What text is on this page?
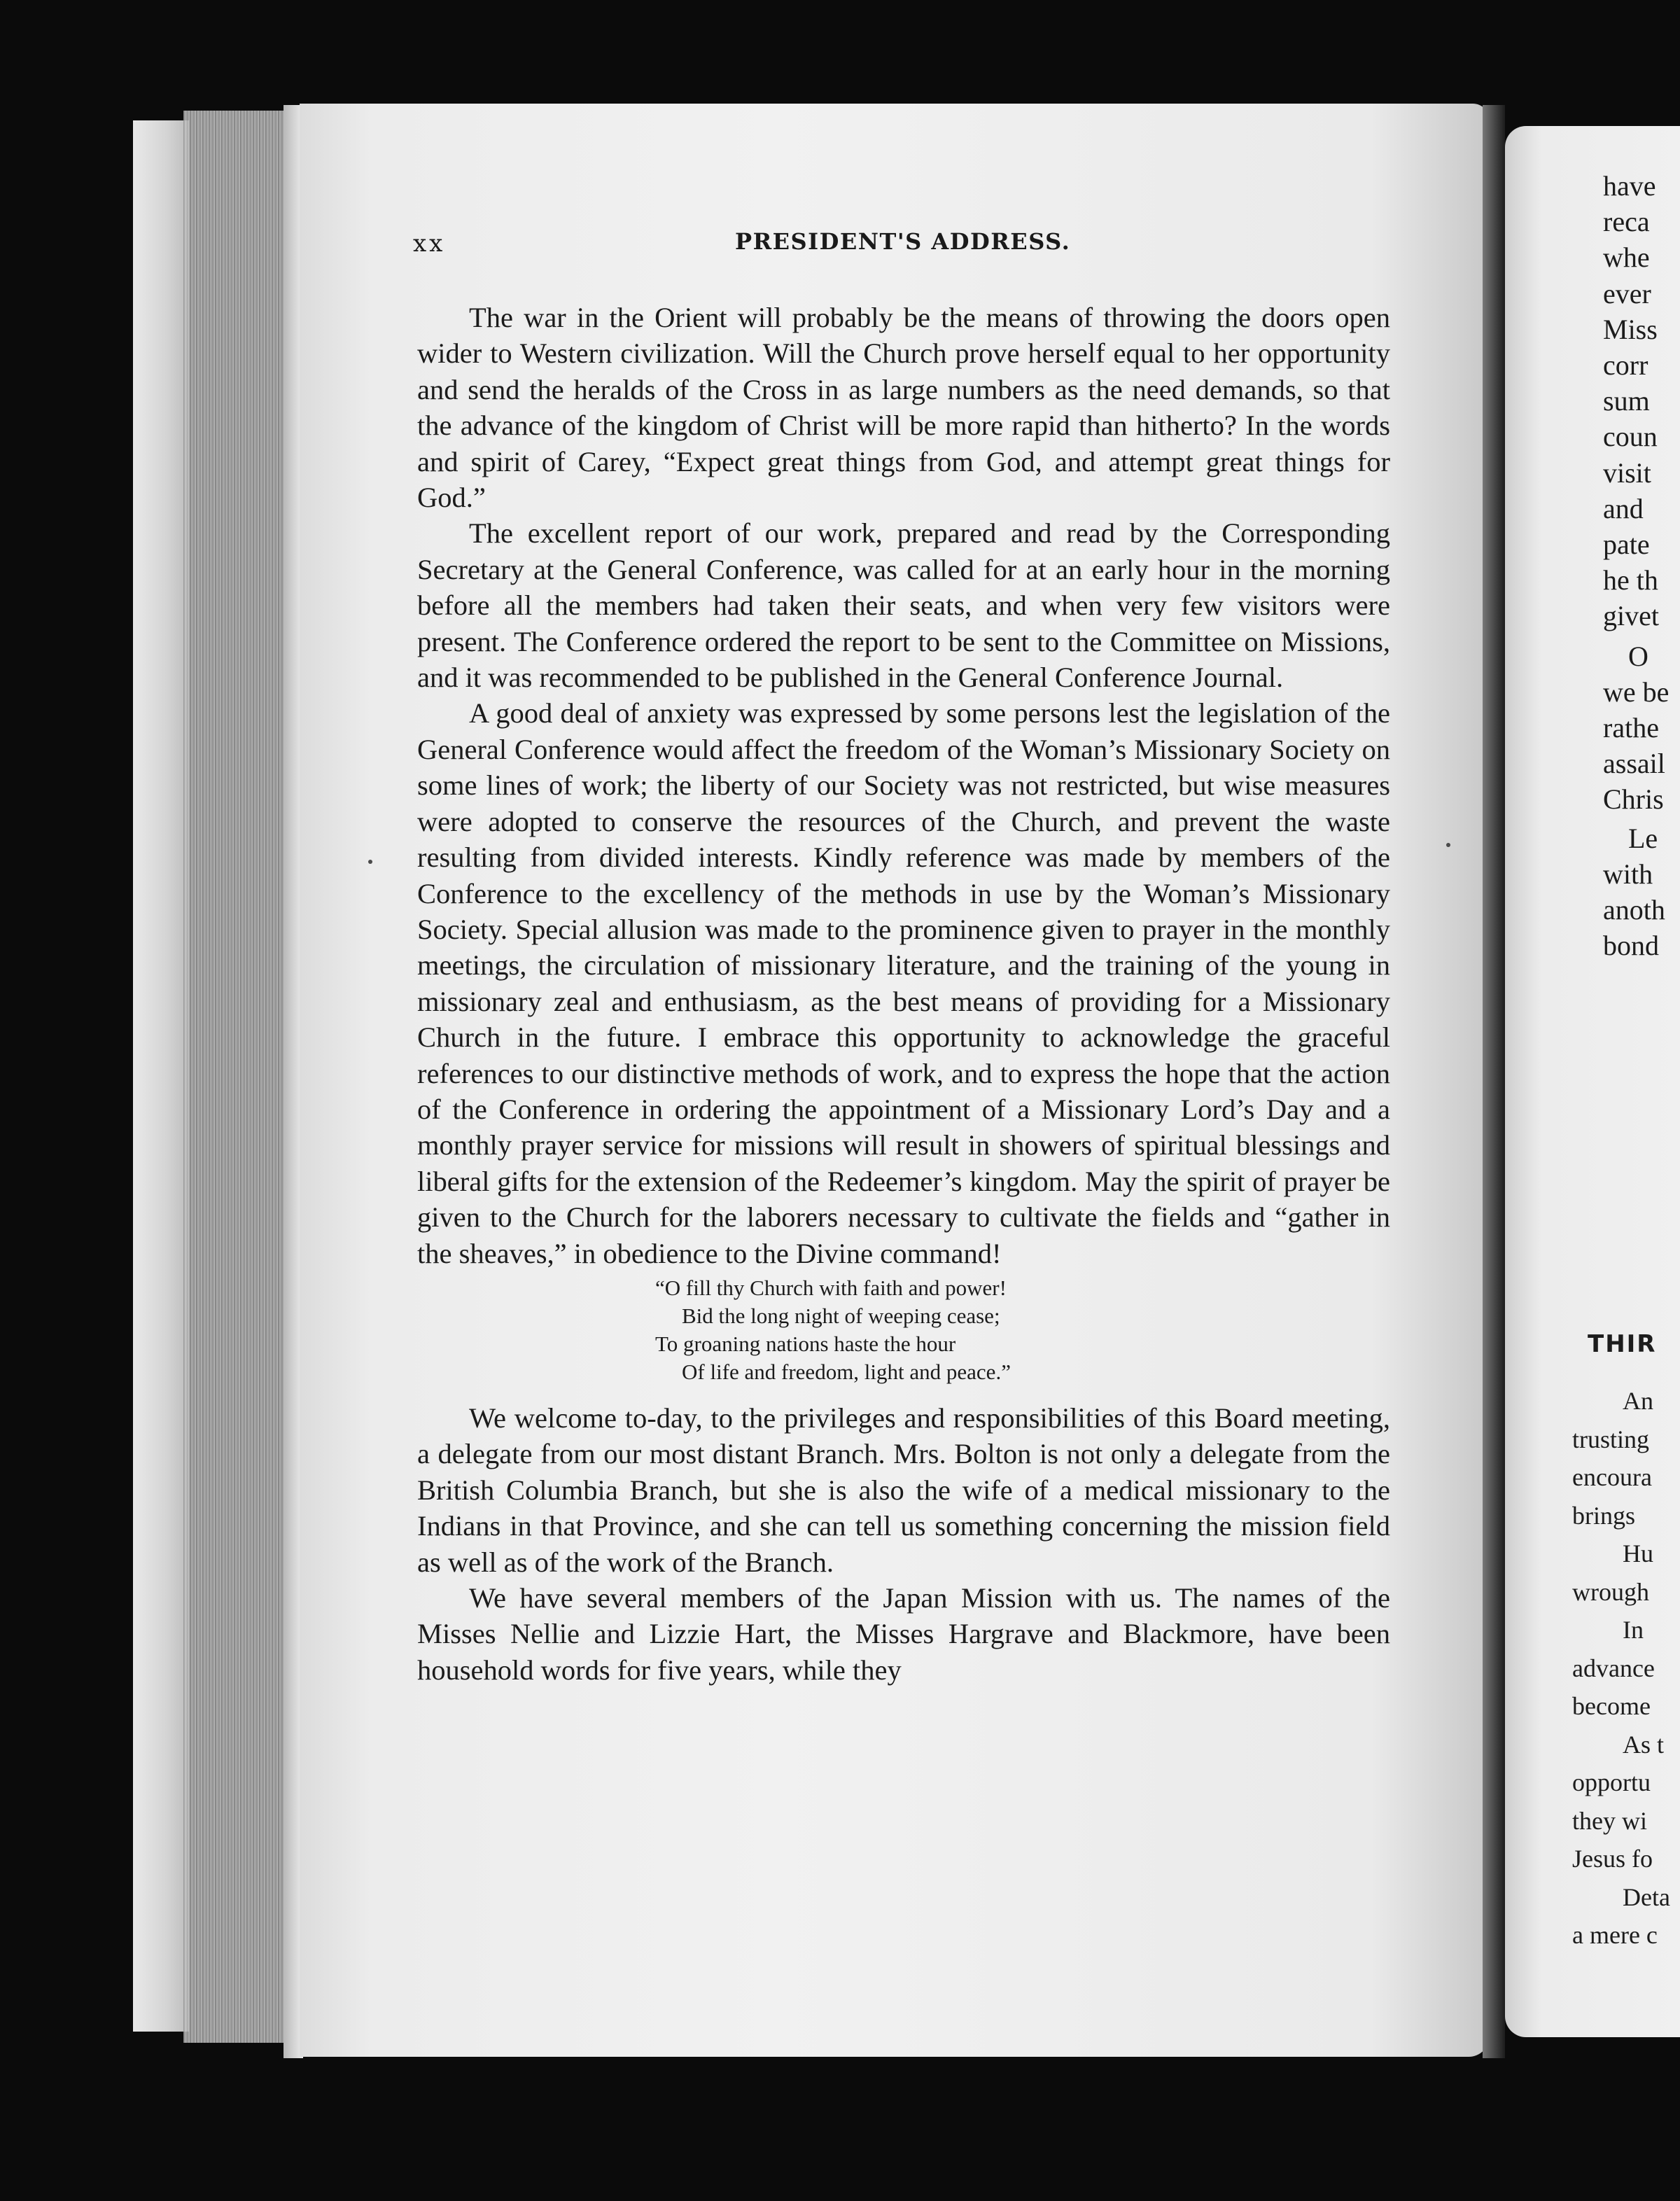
xx	PRESIDENT'S ADDRESS.

The war in the Orient will probably be the means of throwing the doors open wider to Western civilization. Will the Church prove herself equal to her opportunity and send the heralds of the Cross in as large numbers as the need demands, so that the advance of the kingdom of Christ will be more rapid than hitherto? In the words and spirit of Carey, “Expect great things from God, and attempt great things for God.”

The excellent report of our work, prepared and read by the Corresponding Secretary at the General Conference, was called for at an early hour in the morning before all the members had taken their seats, and when very few visitors were present. The Conference ordered the report to be sent to the Committee on Missions, and it was recommended to be published in the General Conference Journal.

A good deal of anxiety was expressed by some persons lest the legislation of the General Conference would affect the freedom of the Woman’s Missionary Society on some lines of work; the liberty of our Society was not restricted, but wise measures were adopted to conserve the resources of the Church, and prevent the waste resulting from divided interests. Kindly reference was made by members of the Conference to the excellency of the methods in use by the Woman’s Missionary Society. Special allusion was made to the prominence given to prayer in the monthly meetings, the circulation of missionary literature, and the training of the young in missionary zeal and enthusiasm, as the best means of providing for a Missionary Church in the future. I embrace this opportunity to acknowledge the graceful references to our distinctive methods of work, and to express the hope that the action of the Conference in ordering the appointment of a Missionary Lord’s Day and a monthly prayer service for missions will result in showers of spiritual blessings and liberal gifts for the extension of the Redeemer’s kingdom. May the spirit of prayer be given to the Church for the laborers necessary to cultivate the fields and “gather in the sheaves,” in obedience to the Divine command!

“O fill thy Church with faith and power!
Bid the long night of weeping cease;
To groaning nations haste the hour
Of life and freedom, light and peace.”

We welcome to-day, to the privileges and responsibilities of this Board meeting, a delegate from our most distant Branch. Mrs. Bolton is not only a delegate from the British Columbia Branch, but she is also the wife of a medical missionary to the Indians in that Province, and she can tell us something concerning the mission field as well as of the work of the Branch.

We have several members of the Japan Mission with us. The names of the Misses Nellie and Lizzie Hart, the Misses Hargrave and Blackmore, have been household words for five years, while they

have
reca
whe
ever
Miss
corr
sum
coun
visit
and
pate
he th
givet
O
we be
rathe
assail
Chris
Le
with
anoth
bond
THIR
An
trusting
encoura
brings
Hu
wrough
In
advance
become
As t
opportu
they wi
Jesus fo
Deta
a mere c
